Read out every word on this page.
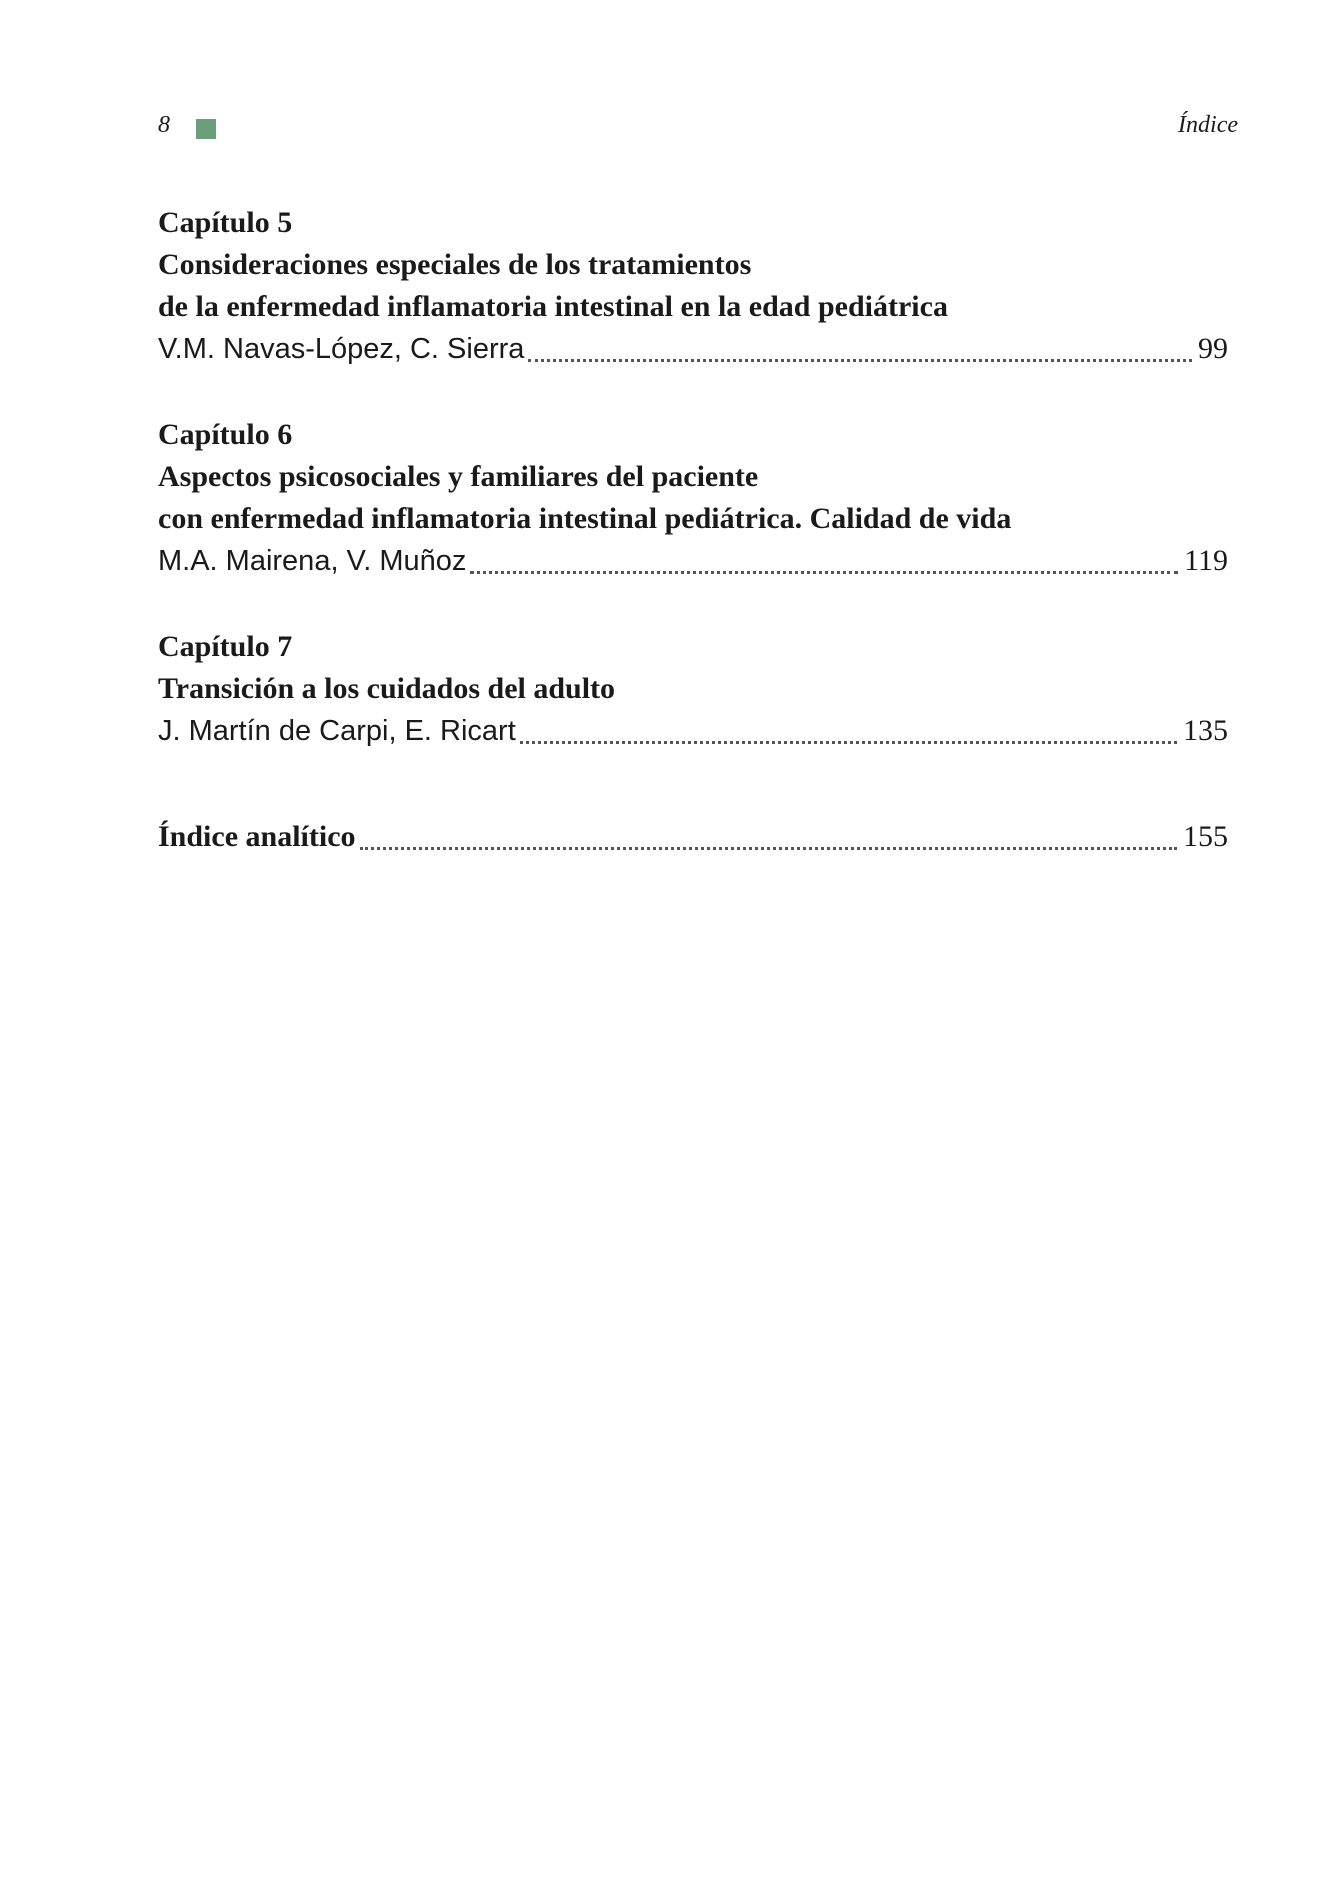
8	Índice
Capítulo 5
Consideraciones especiales de los tratamientos
de la enfermedad inflamatoria intestinal en la edad pediátrica
V.M. Navas-López, C. Sierra	99
Capítulo 6
Aspectos psicosociales y familiares del paciente
con enfermedad inflamatoria intestinal pediátrica. Calidad de vida
M.A. Mairena, V. Muñoz	119
Capítulo 7
Transición a los cuidados del adulto
J. Martín de Carpi, E. Ricart	135
Índice analítico	155
